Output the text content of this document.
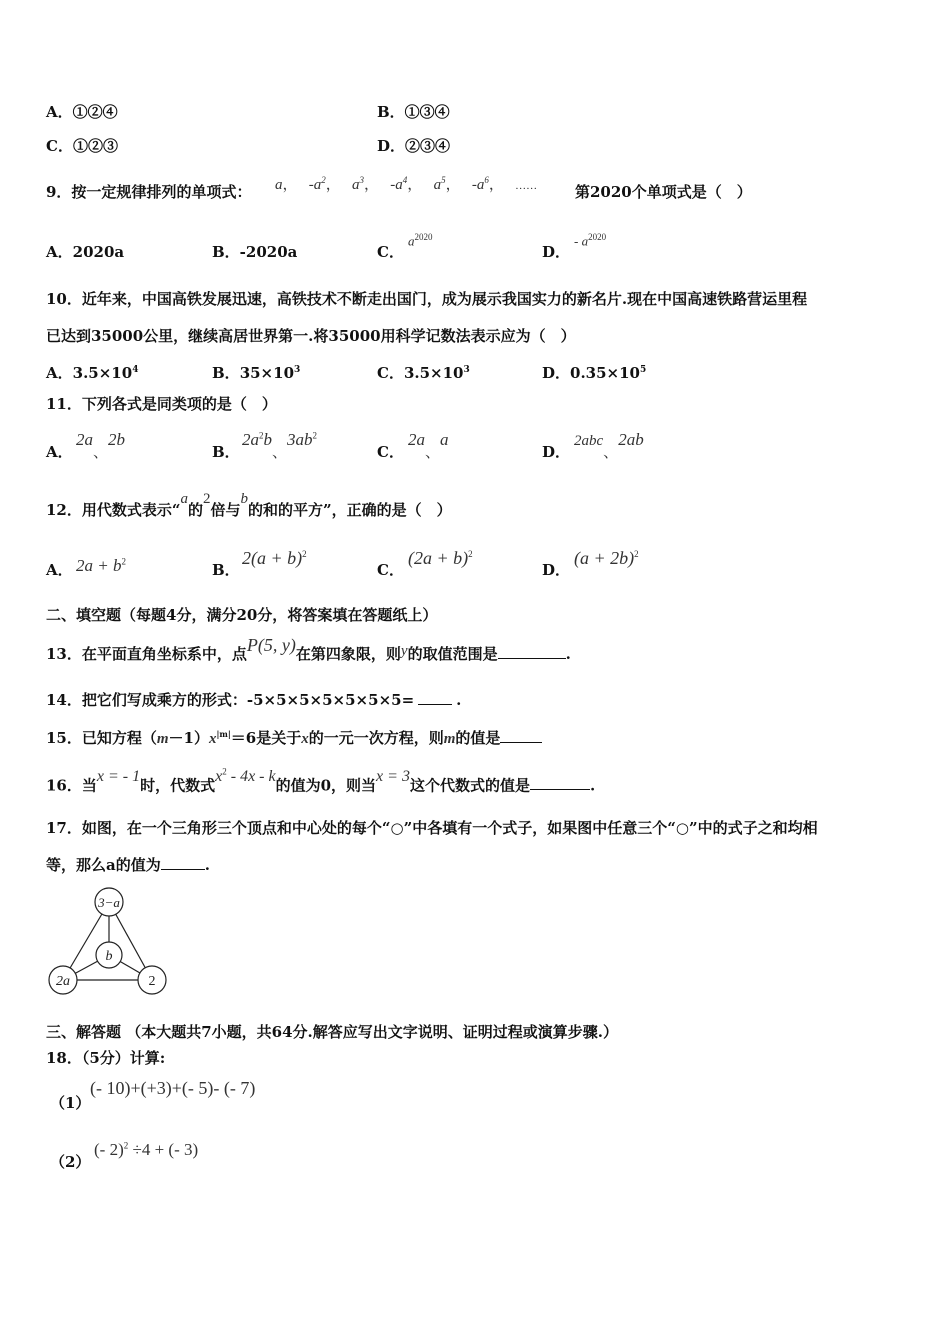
A．①②④	B．①③④
C．①②③	D．②③④
9．按一定规律排列的单项式： a， $-a^2$， $a^3$， $-a^4$， $a^5$， $-a^6$， ……	第2020个单项式是（　）
A．2020a	B．-2020a	C．
$a^{2020}$
D．
- $a^{2020}$
10．近年来，中国高铁发展迅速，高铁技术不断走出国门，成为展示我国实力的新名片.现在中国高速铁路营运里程
已达到35000公里，继续高居世界第一.将35000用科学记数法表示应为（　）
A．$3.5\times 10^4$	B．$35\times 10^3$	C．$3.5\times 10^3$	D．$0.35\times 10^5$
11．下列各式是同类项的是（　）
A．
2a、2b
B．
$2a^2b$、$3ab^2$
C．
2a、a
D．
2abc、2ab
12．用代数式表示“a的2倍与b的和的平方”，正确的是（　）
A． $2a + b^2$	B．
$2(a + b)^2$
C．
$(2a + b)^2$
D．
$(a + 2b)^2$
二、填空题（每题4分，满分20分，将答案填在答题纸上）
13．在平面直角坐标系中，点P(5, y)在第四象限，则y的取值范围是	.
14．把它们写成乘方的形式：-5×5×5×5×5×5×5=	.
15．已知方程$(m-1)x^{|m|}=6$是关于x的一元一次方程，则m的值是
16．当x = - 1时，代数式$x^2 - 4x$ - k的值为0，则当x = 3这个代数式的值是	.
17．如图，在一个三角形三个顶点和中心处的每个“○”中各填有一个式子，如果图中任意三个“○”中的式子之和均相
等，那么a的值为	.
3−a
b
2a	2
三、解答题 （本大题共7小题，共64分.解答应写出文字说明、证明过程或演算步骤.）
18．（5分）计算:
（1）
(- 10)+(+3)+(- 5)- (- 7)
（2）
(- 2)$^2$ ÷4 + (- 3)
